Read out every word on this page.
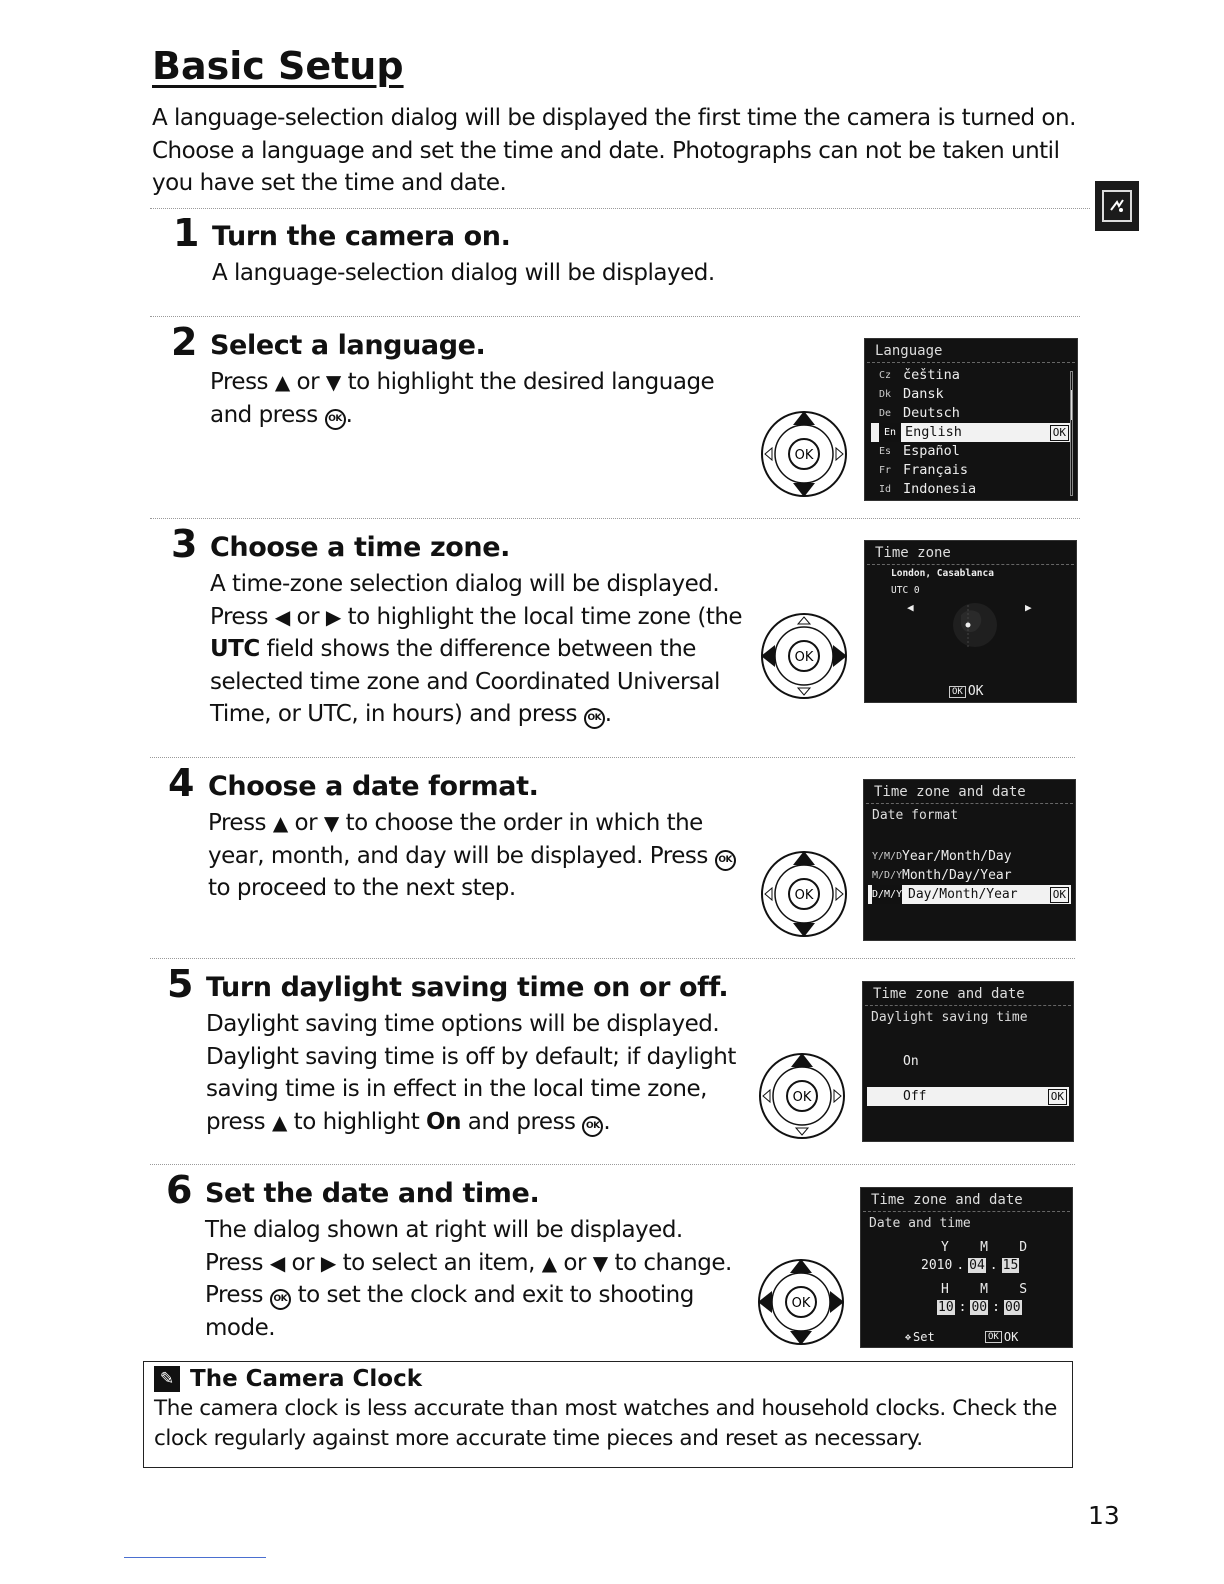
Basic Setup

A language-selection dialog will be displayed the first time the camera is turned on. Choose a language and set the time and date. Photographs can not be taken until you have set the time and date.

1 Turn the camera on.

A language-selection dialog will be displayed.

2 Select a language.

Press ▲ or ▼ to highlight the desired language and press OK .

OK
Language
Cz čeština
Dk Dansk
De Deutsch
En English	OK
Es Español
Fr Français
Id Indonesia
3 Choose a time zone.

A time-zone selection dialog will be displayed. Press ◀ or ▶ to highlight the local time zone (the UTC field shows the difference between the selected time zone and Coordinated Universal Time, or UTC, in hours) and press OK .

OK
Time zone
London, Casablanca
UTC 0
◀	▶
OK OK
4 Choose a date format.

Press ▲ or ▼ to choose the order in which the year, month, and day will be displayed. Press OK to proceed to the next step.	OK
Time zone and date
Date format
Y/M/D Year/Month/Day
M/D/Y Month/Day/Year
D/M/Y Day/Month/Year	OK
5 Turn daylight saving time on or off.

Daylight saving time options will be displayed. Daylight saving time is off by default; if daylight saving time is in effect in the local time zone, press ▲ to highlight On and press OK .

OK
Time zone and date
Daylight saving time
On
Off	OK
6 Set the date and time.

The dialog shown at right will be displayed. Press ◀ or ▶ to select an item, ▲ or ▼ to change. Press OK to set the clock and exit to shooting mode.

OK
Time zone and date
Date and time
Y    M    D
2010 . 04 . 15
H    M    S
10 : 00 : 00
✥ Set	OK OK
✎ The Camera Clock

The camera clock is less accurate than most watches and household clocks. Check the clock regularly against more accurate time pieces and reset as necessary.

13
